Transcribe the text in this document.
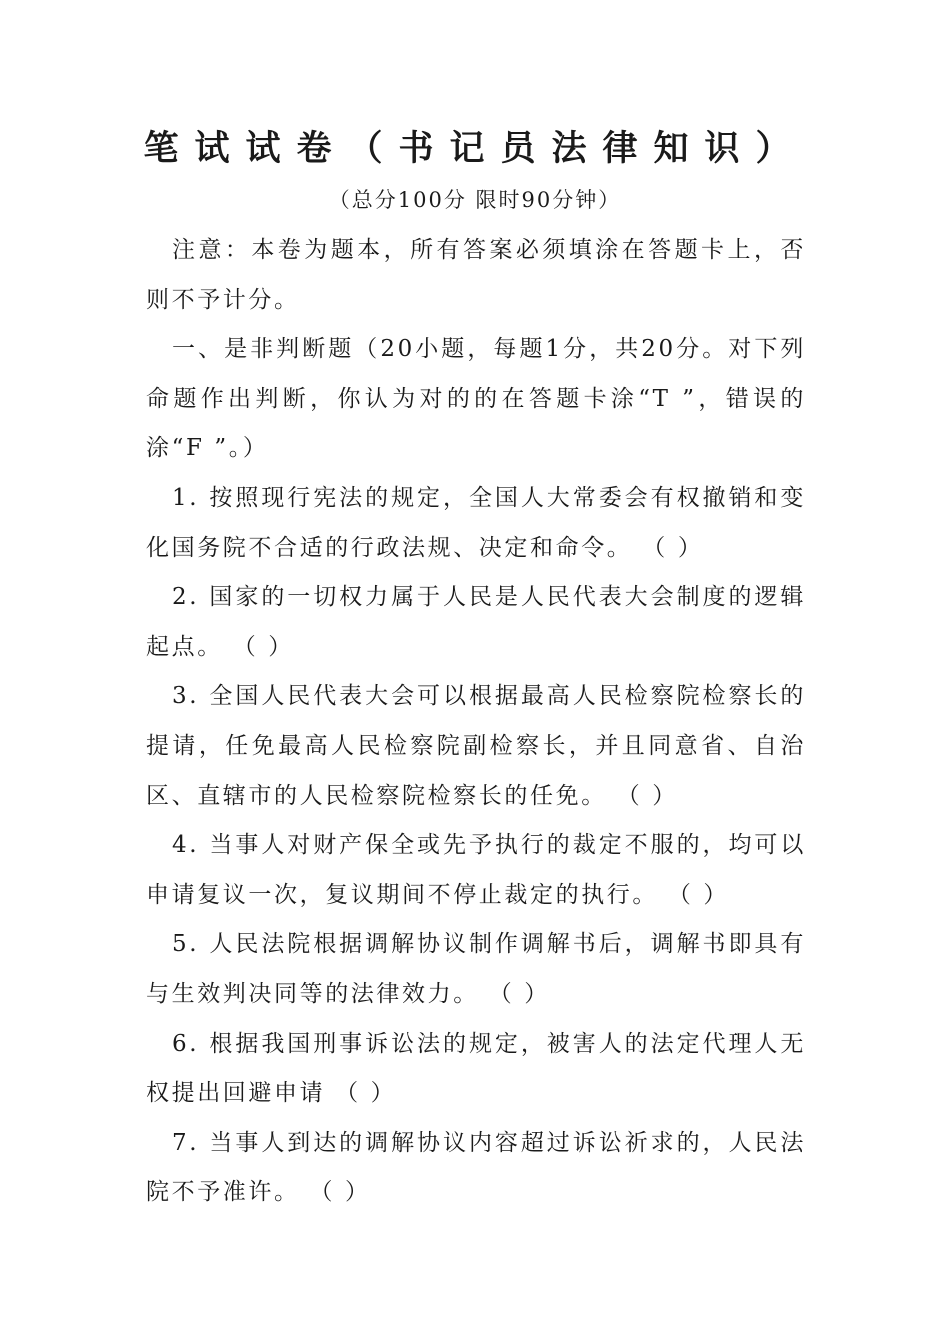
笔试试卷（书记员法律知识）
（总分100分 限时90分钟）

注意：本卷为题本，所有答案必须填涂在答题卡上，否则不予计分。

一、是非判断题（20小题，每题1分，共20分。对下列命题作出判断，你认为对的的在答题卡涂“T ”，错误的涂“F ”。）

1. 按照现行宪法的规定，全国人大常委会有权撤销和变化国务院不合适的行政法规、决定和命令。 （ ）

2. 国家的一切权力属于人民是人民代表大会制度的逻辑起点。 （ ）

3. 全国人民代表大会可以根据最高人民检察院检察长的提请，任免最高人民检察院副检察长，并且同意省、自治区、直辖市的人民检察院检察长的任免。 （ ）

4. 当事人对财产保全或先予执行的裁定不服的，均可以申请复议一次，复议期间不停止裁定的执行。 （ ）

5. 人民法院根据调解协议制作调解书后，调解书即具有与生效判决同等的法律效力。 （ ）

6. 根据我国刑事诉讼法的规定，被害人的法定代理人无权提出回避申请 （ ）

7. 当事人到达的调解协议内容超过诉讼祈求的，人民法院不予准许。 （ ）
